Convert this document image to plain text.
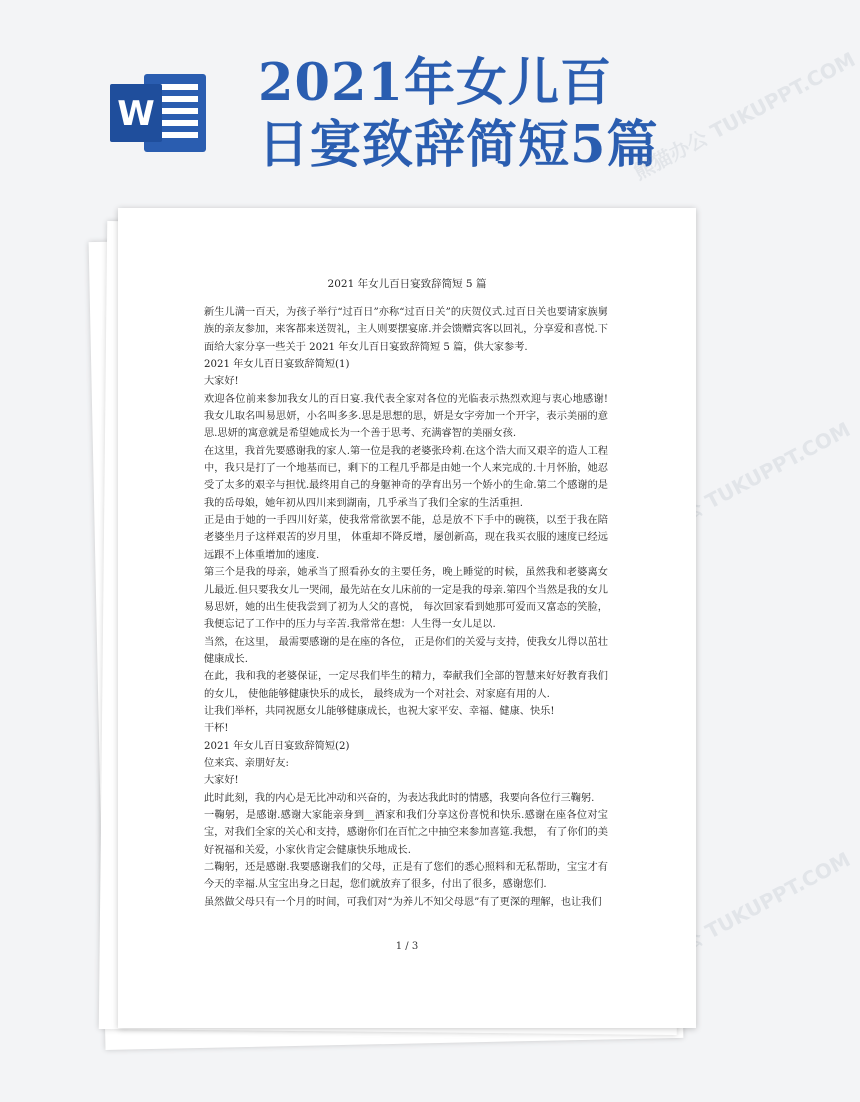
W
2021年女儿百
日宴致辞简短5篇
熊猫办公 TUKUPPT.COM
熊猫办公 TUKUPPT.COM
熊猫办公 TUKUPPT.COM
2021 年女儿百日宴致辞简短 5 篇

新生儿满一百天，为孩子举行“过百日”亦称“过百日关”的庆贺仪式.过百日关也要请家族舅族的亲友参加，来客都来送贺礼，主人则要摆宴席.并会馈赠宾客以回礼，分享爱和喜悦.下面给大家分享一些关于 2021 年女儿百日宴致辞简短 5 篇，供大家参考.

2021 年女儿百日宴致辞简短(1)

大家好!

欢迎各位前来参加我女儿的百日宴.我代表全家对各位的光临表示热烈欢迎与衷心地感谢!我女儿取名叫易思妍，小名叫多多.思是思想的思，妍是女字旁加一个开字，表示美丽的意思.思妍的寓意就是希望她成长为一个善于思考、充满睿智的美丽女孩.

在这里，我首先要感谢我的家人.第一位是我的老婆张玲莉.在这个浩大而又艰辛的造人工程中，我只是打了一个地基而已，剩下的工程几乎都是由她一个人来完成的.十月怀胎，她忍受了太多的艰辛与担忧.最终用自己的身躯神奇的孕育出另一个娇小的生命.第二个感谢的是我的岳母娘，她年初从四川来到湖南，几乎承当了我们全家的生活重担.

正是由于她的一手四川好菜，使我常常欲罢不能，总是放不下手中的碗筷，以至于我在陪老婆坐月子这样艰苦的岁月里， 体重却不降反增，屡创新高，现在我买衣服的速度已经远远跟不上体重增加的速度.

第三个是我的母亲，她承当了照看孙女的主要任务，晚上睡觉的时候，虽然我和老婆离女儿最近.但只要我女儿一哭闹，最先站在女儿床前的一定是我的母亲.第四个当然是我的女儿易思妍，她的出生使我尝到了初为人父的喜悦， 每次回家看到她那可爱而又富态的笑脸，我便忘记了工作中的压力与辛苦.我常常在想：人生得一女儿足以.

当然，在这里， 最需要感谢的是在座的各位， 正是你们的关爱与支持，使我女儿得以茁壮健康成长.

在此，我和我的老婆保证，一定尽我们毕生的精力，奉献我们全部的智慧来好好教育我们的女儿， 使他能够健康快乐的成长， 最终成为一个对社会、对家庭有用的人.

让我们举杯，共同祝愿女儿能够健康成长，也祝大家平安、幸福、健康、快乐!

干杯!

2021 年女儿百日宴致辞简短(2)

位来宾、亲朋好友:

大家好!

此时此刻，我的内心是无比冲动和兴奋的，为表达我此时的情感，我要向各位行三鞠躬.

一鞠躬，是感谢.感谢大家能亲身到__酒家和我们分享这份喜悦和快乐.感谢在座各位对宝宝，对我们全家的关心和支持，感谢你们在百忙之中抽空来参加喜筵.我想， 有了你们的美好祝福和关爱，小家伙肯定会健康快乐地成长.

二鞠躬，还是感谢.我要感谢我们的父母，正是有了您们的悉心照料和无私帮助，宝宝才有今天的幸福.从宝宝出身之日起，您们就放弃了很多，付出了很多，感谢您们.

虽然做父母只有一个月的时间，可我们对“为养儿不知父母恩”有了更深的理解，也让我们

1 / 3
